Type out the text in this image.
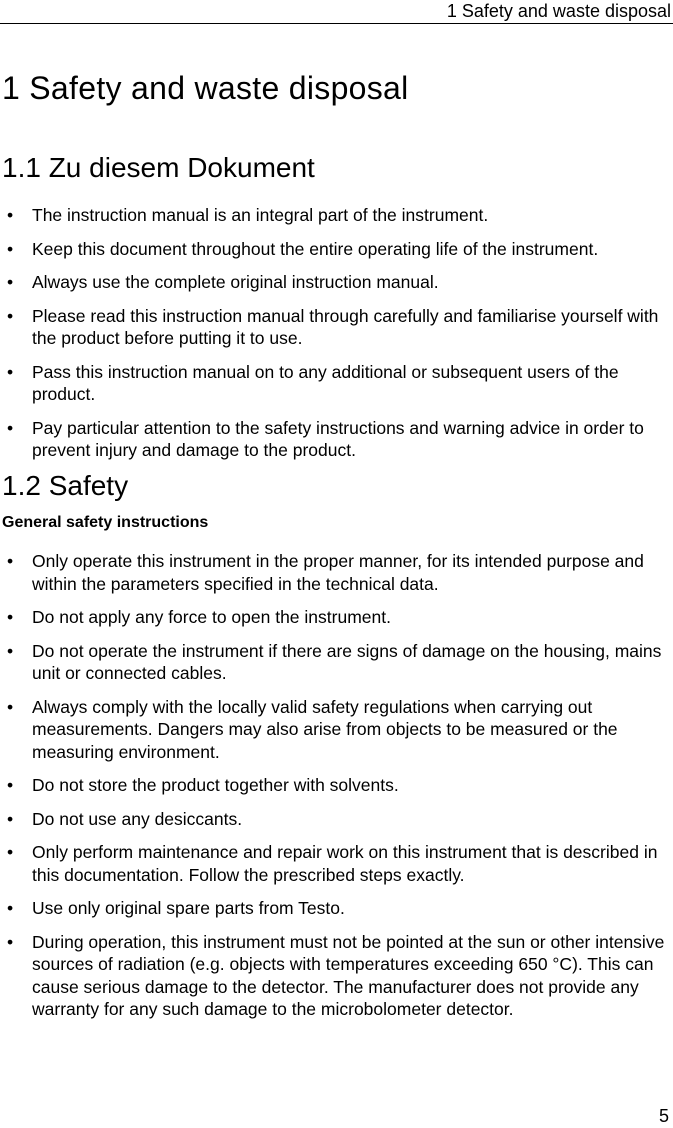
1 Safety and waste disposal
1 Safety and waste disposal
1.1 Zu diesem Dokument
• The instruction manual is an integral part of the instrument.
• Keep this document throughout the entire operating life of the instrument.
• Always use the complete original instruction manual.
• Please read this instruction manual through carefully and familiarise yourself with the product before putting it to use.
• Pass this instruction manual on to any additional or subsequent users of the product.
• Pay particular attention to the safety instructions and warning advice in order to prevent injury and damage to the product.
1.2 Safety
General safety instructions
• Only operate this instrument in the proper manner, for its intended purpose and within the parameters specified in the technical data.
• Do not apply any force to open the instrument.
• Do not operate the instrument if there are signs of damage on the housing, mains unit or connected cables.
• Always comply with the locally valid safety regulations when carrying out measurements. Dangers may also arise from objects to be measured or the measuring environment.
• Do not store the product together with solvents.
• Do not use any desiccants.
• Only perform maintenance and repair work on this instrument that is described in this documentation. Follow the prescribed steps exactly.
• Use only original spare parts from Testo.
• During operation, this instrument must not be pointed at the sun or other intensive sources of radiation (e.g. objects with temperatures exceeding 650 °C). This can cause serious damage to the detector. The manufacturer does not provide any warranty for any such damage to the microbolometer detector.
5
